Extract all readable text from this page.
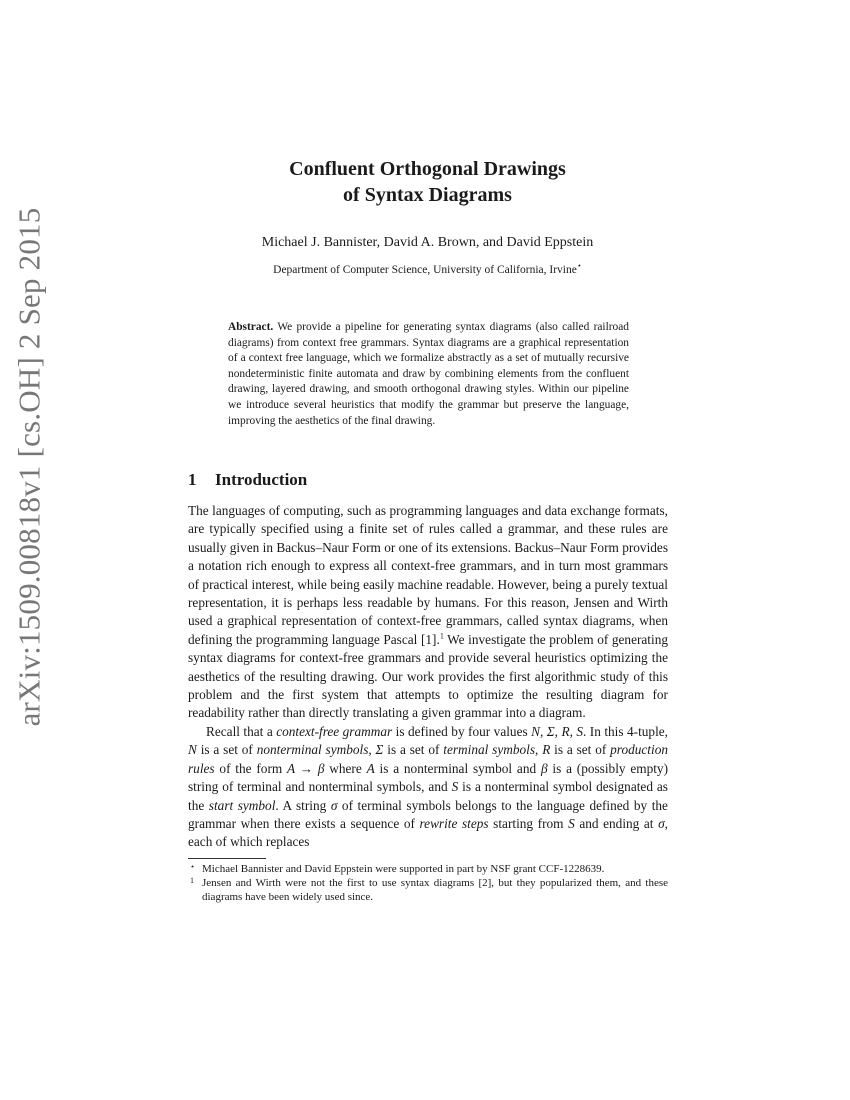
arXiv:1509.00818v1 [cs.OH] 2 Sep 2015
Confluent Orthogonal Drawings
of Syntax Diagrams
Michael J. Bannister, David A. Brown, and David Eppstein
Department of Computer Science, University of California, Irvine⋆
Abstract. We provide a pipeline for generating syntax diagrams (also called railroad diagrams) from context free grammars. Syntax diagrams are a graphical representation of a context free language, which we formalize abstractly as a set of mutually recursive nondeterministic finite automata and draw by combining elements from the confluent drawing, layered drawing, and smooth orthogonal drawing styles. Within our pipeline we introduce several heuristics that modify the grammar but preserve the language, improving the aesthetics of the final drawing.
1 Introduction

The languages of computing, such as programming languages and data exchange formats, are typically specified using a finite set of rules called a grammar, and these rules are usually given in Backus–Naur Form or one of its extensions. Backus–Naur Form provides a notation rich enough to express all context-free grammars, and in turn most grammars of practical interest, while being easily machine readable. However, being a purely textual representation, it is perhaps less readable by humans. For this reason, Jensen and Wirth used a graphical representation of context-free grammars, called syntax diagrams, when defining the programming language Pascal [1].$^1$ We investigate the problem of generating syntax diagrams for context-free grammars and provide several heuristics optimizing the aesthetics of the resulting drawing. Our work provides the first algorithmic study of this problem and the first system that attempts to optimize the resulting diagram for readability rather than directly translating a given grammar into a diagram.

Recall that a context-free grammar is defined by four values N, Σ, R, S. In this 4-tuple, N is a set of nonterminal symbols, Σ is a set of terminal symbols, R is a set of production rules of the form A → β where A is a nonterminal symbol and β is a (possibly empty) string of terminal and nonterminal symbols, and S is a nonterminal symbol designated as the start symbol. A string σ of terminal symbols belongs to the language defined by the grammar when there exists a sequence of rewrite steps starting from S and ending at σ, each of which replaces

⋆ Michael Bannister and David Eppstein were supported in part by NSF grant CCF-1228639.

1 Jensen and Wirth were not the first to use syntax diagrams [2], but they popularized them, and these diagrams have been widely used since.
